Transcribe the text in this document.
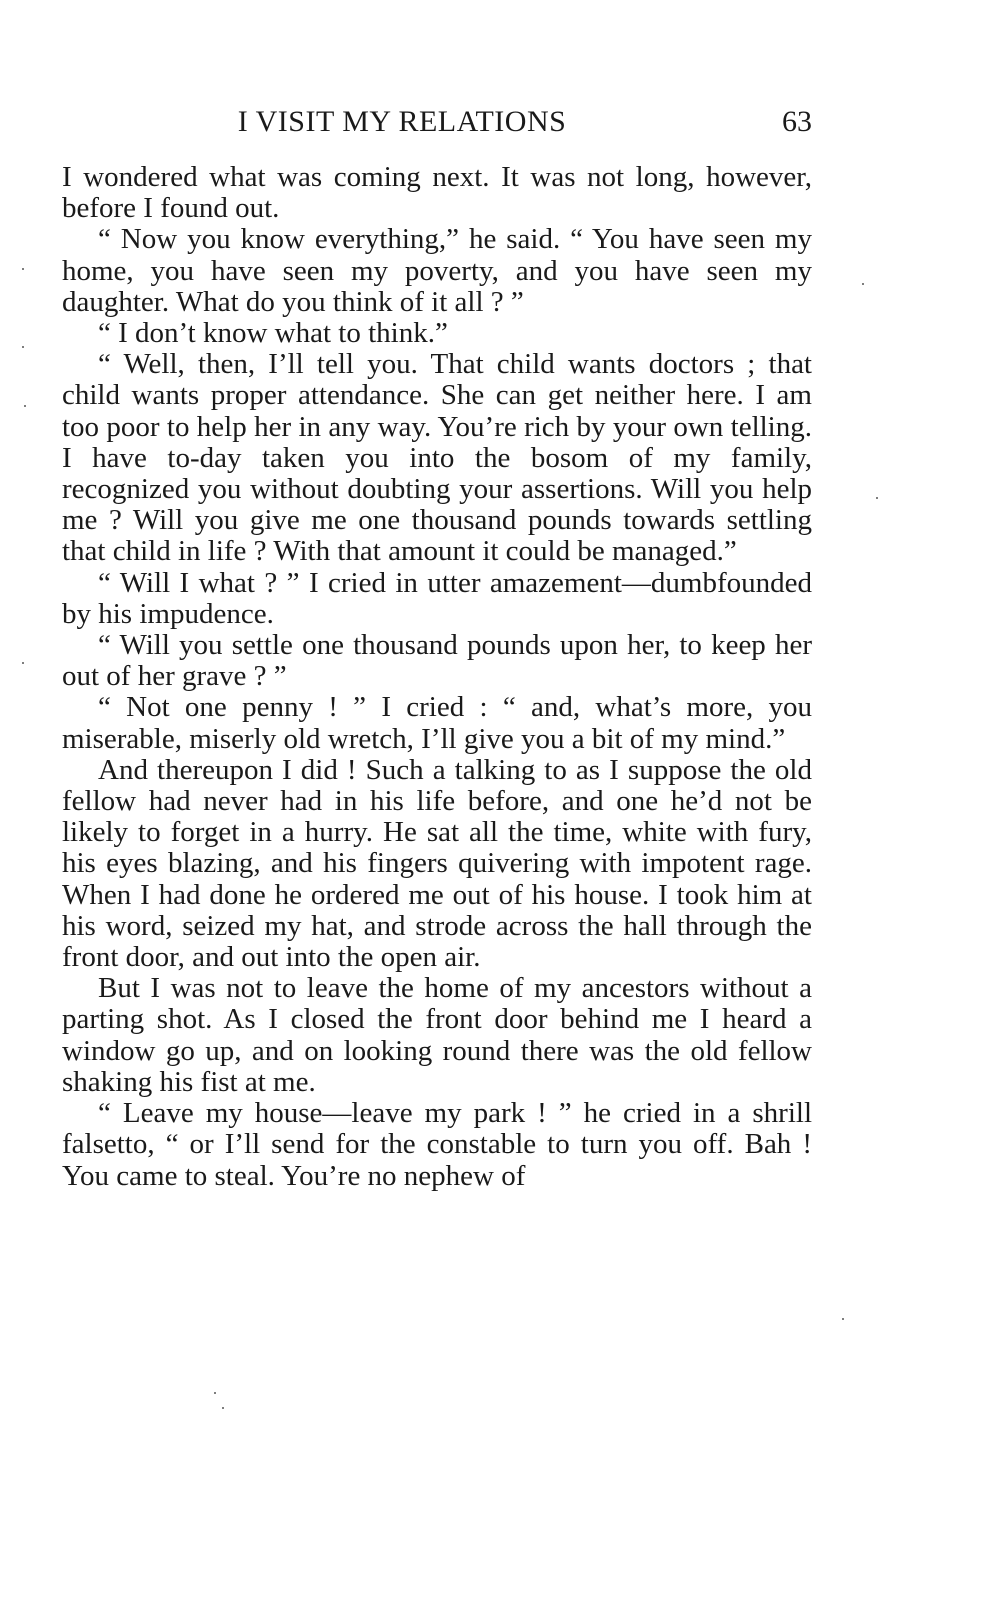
I VISIT MY RELATIONS	63

I wondered what was coming next. It was not long, however, before I found out.

“ Now you know everything,” he said. “ You have seen my home, you have seen my poverty, and you have seen my daughter. What do you think of it all ? ”

“ I don’t know what to think.”

“ Well, then, I’ll tell you. That child wants doctors ; that child wants proper attendance. She can get neither here. I am too poor to help her in any way. You’re rich by your own telling. I have to-day taken you into the bosom of my family, recognized you without doubting your assertions. Will you help me ? Will you give me one thousand pounds towards settling that child in life ? With that amount it could be managed.”

“ Will I what ? ” I cried in utter amazement—dumbfounded by his impudence.

“ Will you settle one thousand pounds upon her, to keep her out of her grave ? ”

“ Not one penny ! ” I cried : “ and, what’s more, you miserable, miserly old wretch, I’ll give you a bit of my mind.”

And thereupon I did ! Such a talking to as I suppose the old fellow had never had in his life before, and one he’d not be likely to forget in a hurry. He sat all the time, white with fury, his eyes blazing, and his fingers quivering with impotent rage. When I had done he ordered me out of his house. I took him at his word, seized my hat, and strode across the hall through the front door, and out into the open air.

But I was not to leave the home of my ancestors without a parting shot. As I closed the front door behind me I heard a window go up, and on looking round there was the old fellow shaking his fist at me.

“ Leave my house—leave my park ! ” he cried in a shrill falsetto, “ or I’ll send for the constable to turn you off. Bah ! You came to steal. You’re no nephew of
